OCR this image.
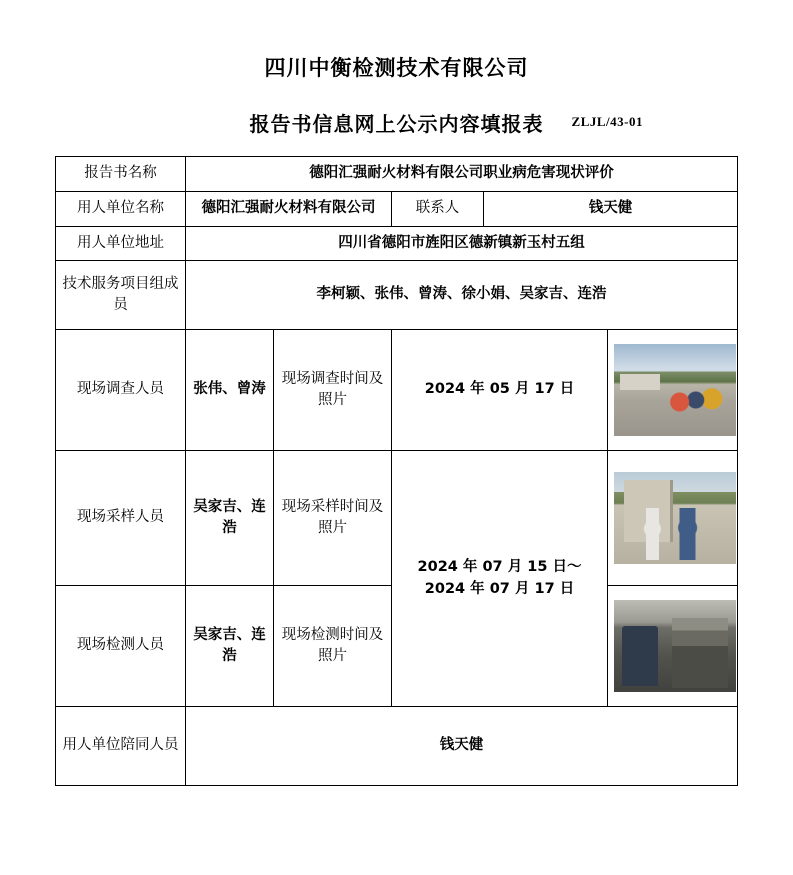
四川中衡检测技术有限公司
报告书信息网上公示内容填报表 ZLJL/43-01
报告书名称	德阳汇强耐火材料有限公司职业病危害现状评价				
用人单位名称	德阳汇强耐火材料有限公司		联系人	钱天健	
用人单位地址	四川省德阳市旌阳区德新镇新玉村五组				
技术服务项目组成员	李柯颖、张伟、曾涛、徐小娟、吴家吉、连浩				
现场调查人员	张伟、曾涛	现场调查时间及照片	2024 年 05 月 17 日		

现场采样人员	吴家吉、连浩	现场采样时间及照片	2024 年 07 月 15 日～2024 年 07 月 17 日		

现场检测人员	吴家吉、连浩	现场检测时间及照片			

用人单位陪同人员	钱天健				
